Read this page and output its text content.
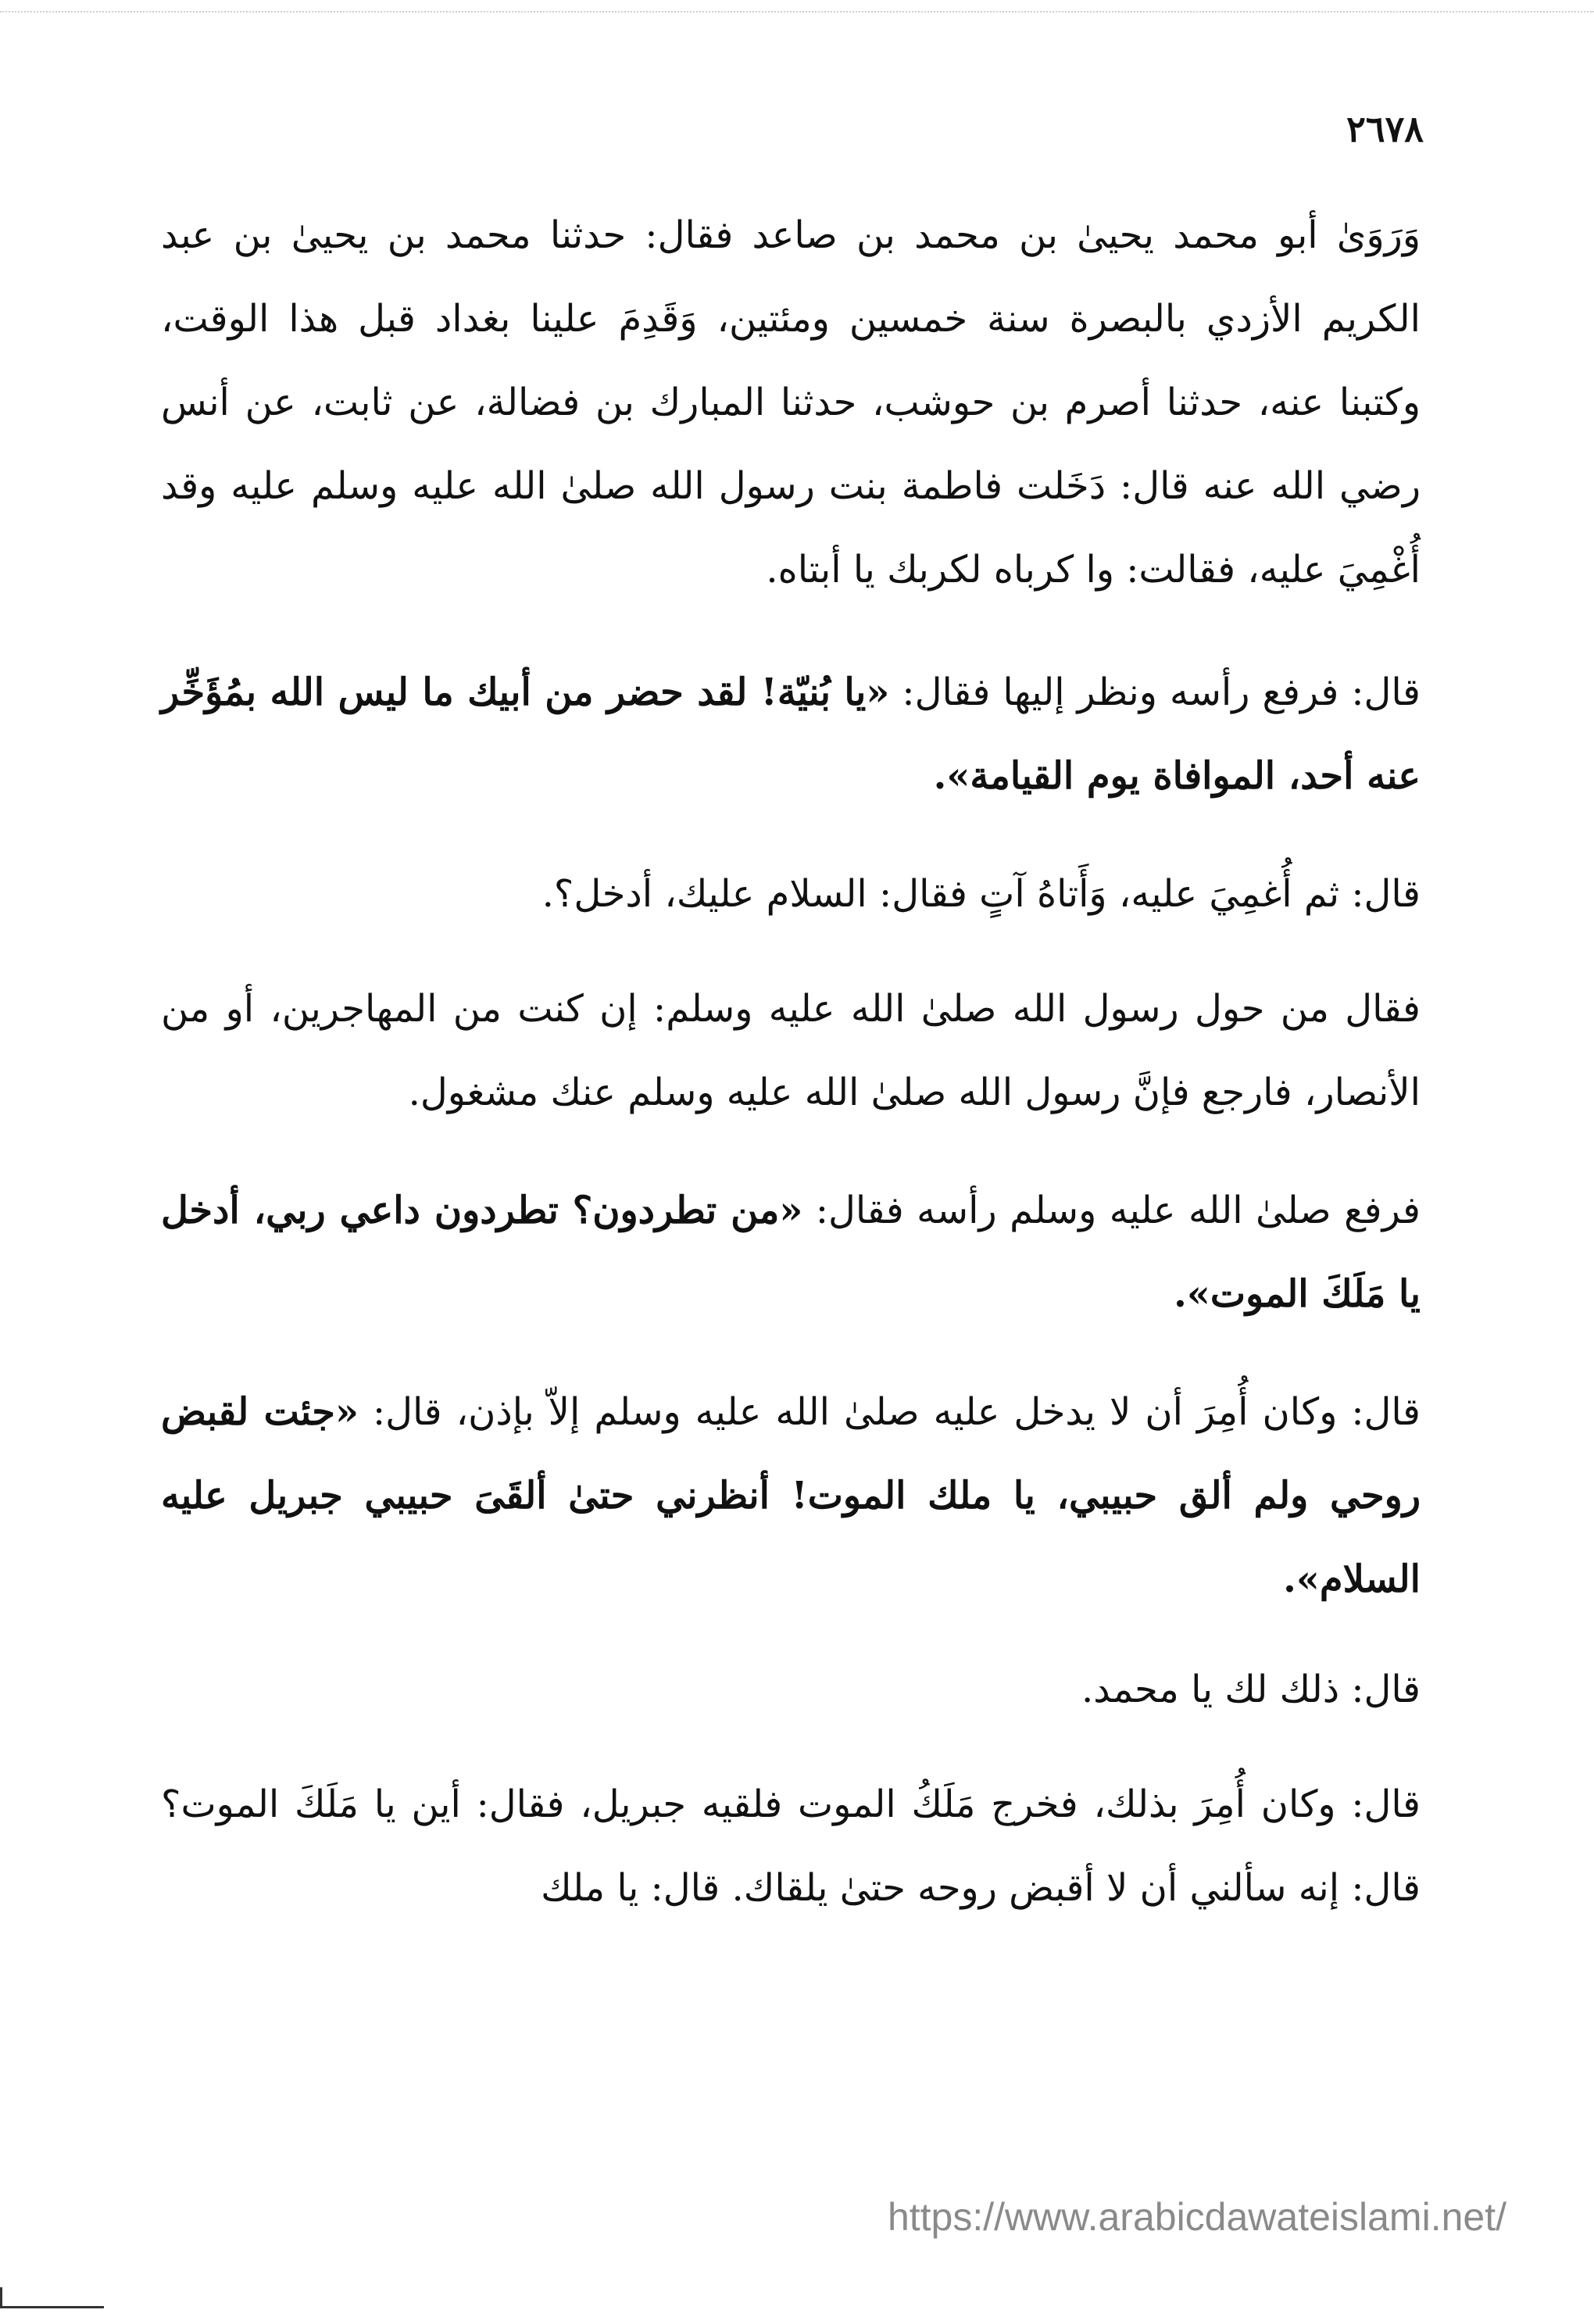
٢٦٧٨

وَرَوَىٰ أبو محمد يحيىٰ بن محمد بن صاعد فقال: حدثنا محمد بن يحيىٰ بن عبد الكريم الأزدي بالبصرة سنة خمسين ومئتين، وَقَدِمَ علينا بغداد قبل هذا الوقت، وكتبنا عنه، حدثنا أصرم بن حوشب، حدثنا المبارك بن فضالة، عن ثابت، عن أنس رضي الله عنه قال: دَخَلت فاطمة بنت رسول الله صلىٰ الله عليه وسلم عليه وقد أُغْمِيَ عليه، فقالت: وا كرباه لكربك يا أبتاه.

قال: فرفع رأسه ونظر إليها فقال: «يا بُنيّة! لقد حضر من أبيك ما ليس الله بمُؤَخِّر عنه أحد، الموافاة يوم القيامة».

قال: ثم أُغمِيَ عليه، وَأَتاهُ آتٍ فقال: السلام عليك، أدخل؟.

فقال من حول رسول الله صلىٰ الله عليه وسلم: إن كنت من المهاجرين، أو من الأنصار، فارجع فإنَّ رسول الله صلىٰ الله عليه وسلم عنك مشغول.

فرفع صلىٰ الله عليه وسلم رأسه فقال: «من تطردون؟ تطردون داعي ربي، أدخل يا مَلَكَ الموت».

قال: وكان أُمِرَ أن لا يدخل عليه صلىٰ الله عليه وسلم إلاّ بإذن، قال: «جئت لقبض روحي ولم ألق حبيبي، يا ملك الموت! أنظرني حتىٰ ألقَىَ حبيبي جبريل عليه السلام».

قال: ذلك لك يا محمد.

قال: وكان أُمِرَ بذلك، فخرج مَلَكُ الموت فلقيه جبريل، فقال: أين يا مَلَكَ الموت؟ قال: إنه سألني أن لا أقبض روحه حتىٰ يلقاك. قال: يا ملك

https://www.arabicdawateislami.net/
